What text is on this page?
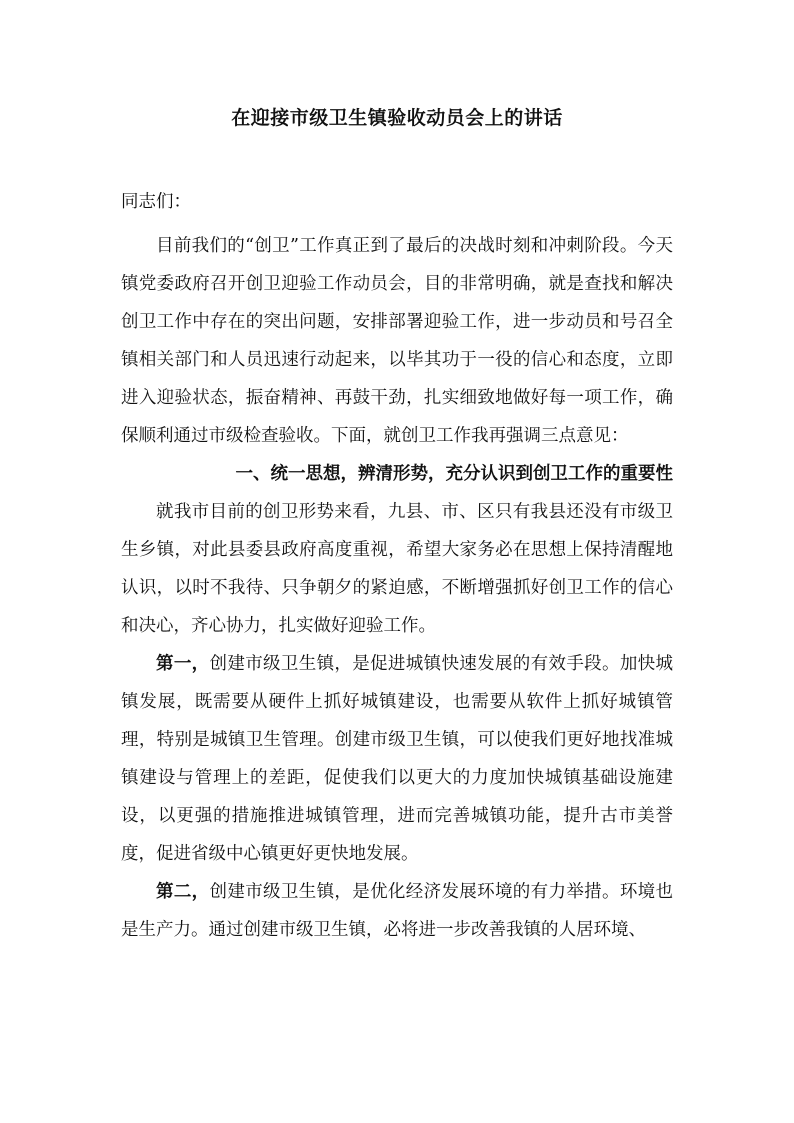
在迎接市级卫生镇验收动员会上的讲话

同志们：

目前我们的“创卫”工作真正到了最后的决战时刻和冲刺阶段。今天镇党委政府召开创卫迎验工作动员会，目的非常明确，就是查找和解决创卫工作中存在的突出问题，安排部署迎验工作，进一步动员和号召全镇相关部门和人员迅速行动起来，以毕其功于一役的信心和态度，立即进入迎验状态，振奋精神、再鼓干劲，扎实细致地做好每一项工作，确保顺利通过市级检查验收。下面，就创卫工作我再强调三点意见：

一、统一思想，辨清形势，充分认识到创卫工作的重要性

就我市目前的创卫形势来看，九县、市、区只有我县还没有市级卫生乡镇，对此县委县政府高度重视，希望大家务必在思想上保持清醒地认识，以时不我待、只争朝夕的紧迫感，不断增强抓好创卫工作的信心和决心，齐心协力，扎实做好迎验工作。

第一，创建市级卫生镇，是促进城镇快速发展的有效手段。加快城镇发展，既需要从硬件上抓好城镇建设，也需要从软件上抓好城镇管理，特别是城镇卫生管理。创建市级卫生镇，可以使我们更好地找准城镇建设与管理上的差距，促使我们以更大的力度加快城镇基础设施建设，以更强的措施推进城镇管理，进而完善城镇功能，提升古市美誉度，促进省级中心镇更好更快地发展。

第二，创建市级卫生镇，是优化经济发展环境的有力举措。环境也是生产力。通过创建市级卫生镇，必将进一步改善我镇的人居环境、
